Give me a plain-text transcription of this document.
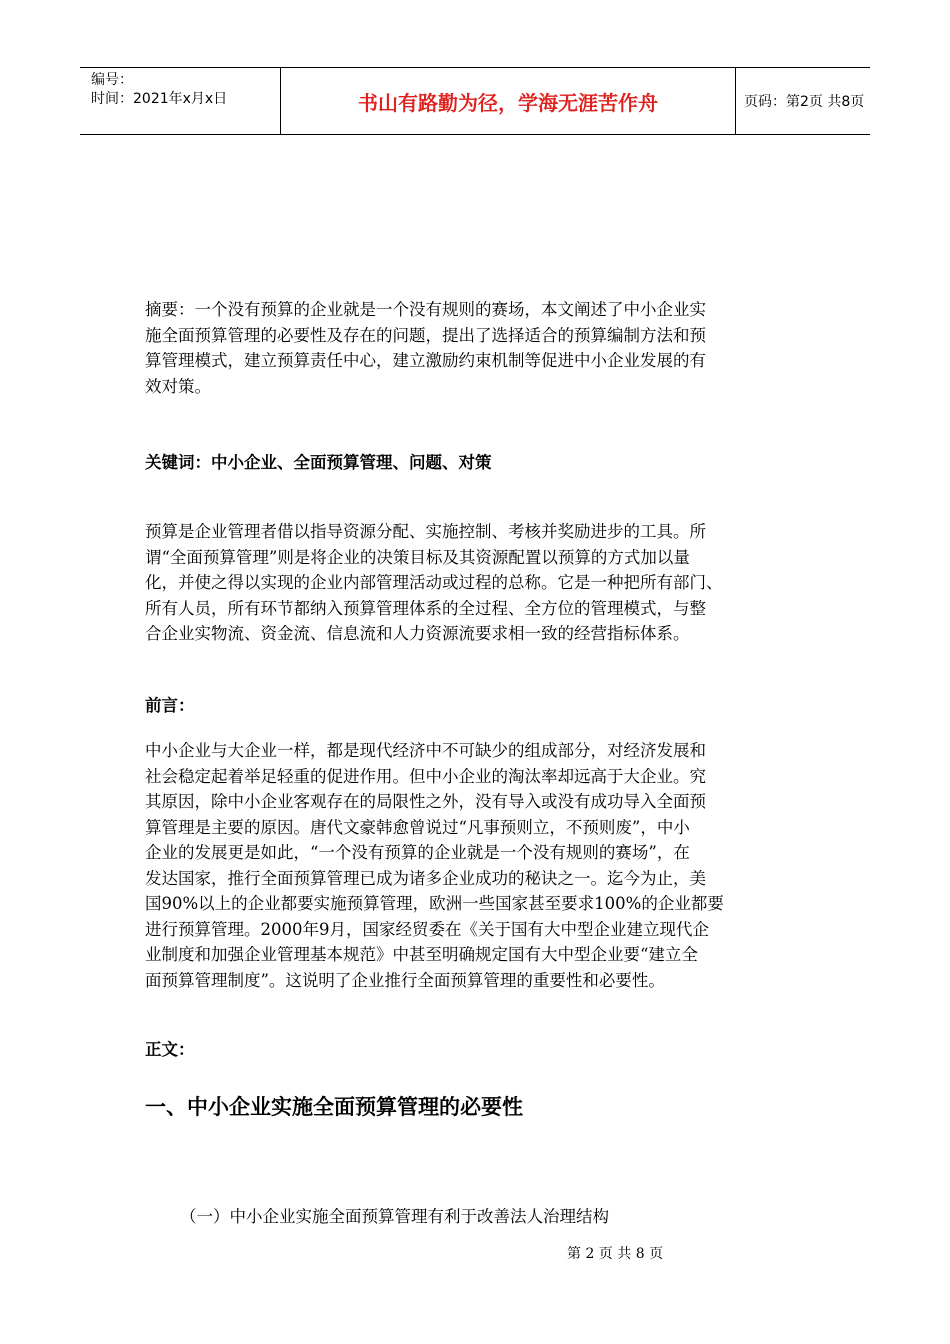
编号：
时间：2021年x月x日	书山有路勤为径，学海无涯苦作舟	页码：第2页 共8页
摘要：一个没有预算的企业就是一个没有规则的赛场，本文阐述了中小企业实
施全面预算管理的必要性及存在的问题，提出了选择适合的预算编制方法和预
算管理模式，建立预算责任中心，建立激励约束机制等促进中小企业发展的有
效对策。
关键词：中小企业、全面预算管理、问题、对策
预算是企业管理者借以指导资源分配、实施控制、考核并奖励进步的工具。所
谓“全面预算管理”则是将企业的决策目标及其资源配置以预算的方式加以量
化，并使之得以实现的企业内部管理活动或过程的总称。它是一种把所有部门、
所有人员，所有环节都纳入预算管理体系的全过程、全方位的管理模式，与整
合企业实物流、资金流、信息流和人力资源流要求相一致的经营指标体系。
前言：
中小企业与大企业一样，都是现代经济中不可缺少的组成部分，对经济发展和
社会稳定起着举足轻重的促进作用。但中小企业的淘汰率却远高于大企业。究
其原因，除中小企业客观存在的局限性之外，没有导入或没有成功导入全面预
算管理是主要的原因。唐代文豪韩愈曾说过“凡事预则立，不预则废”，中小
企业的发展更是如此，“一个没有预算的企业就是一个没有规则的赛场”，在
发达国家，推行全面预算管理已成为诸多企业成功的秘诀之一。迄今为止，美
国90%以上的企业都要实施预算管理，欧洲一些国家甚至要求100%的企业都要
进行预算管理。2000年9月，国家经贸委在《关于国有大中型企业建立现代企
业制度和加强企业管理基本规范》中甚至明确规定国有大中型企业要“建立全
面预算管理制度”。这说明了企业推行全面预算管理的重要性和必要性。
正文：
一、中小企业实施全面预算管理的必要性
（一）中小企业实施全面预算管理有利于改善法人治理结构
第 2 页 共 8 页
